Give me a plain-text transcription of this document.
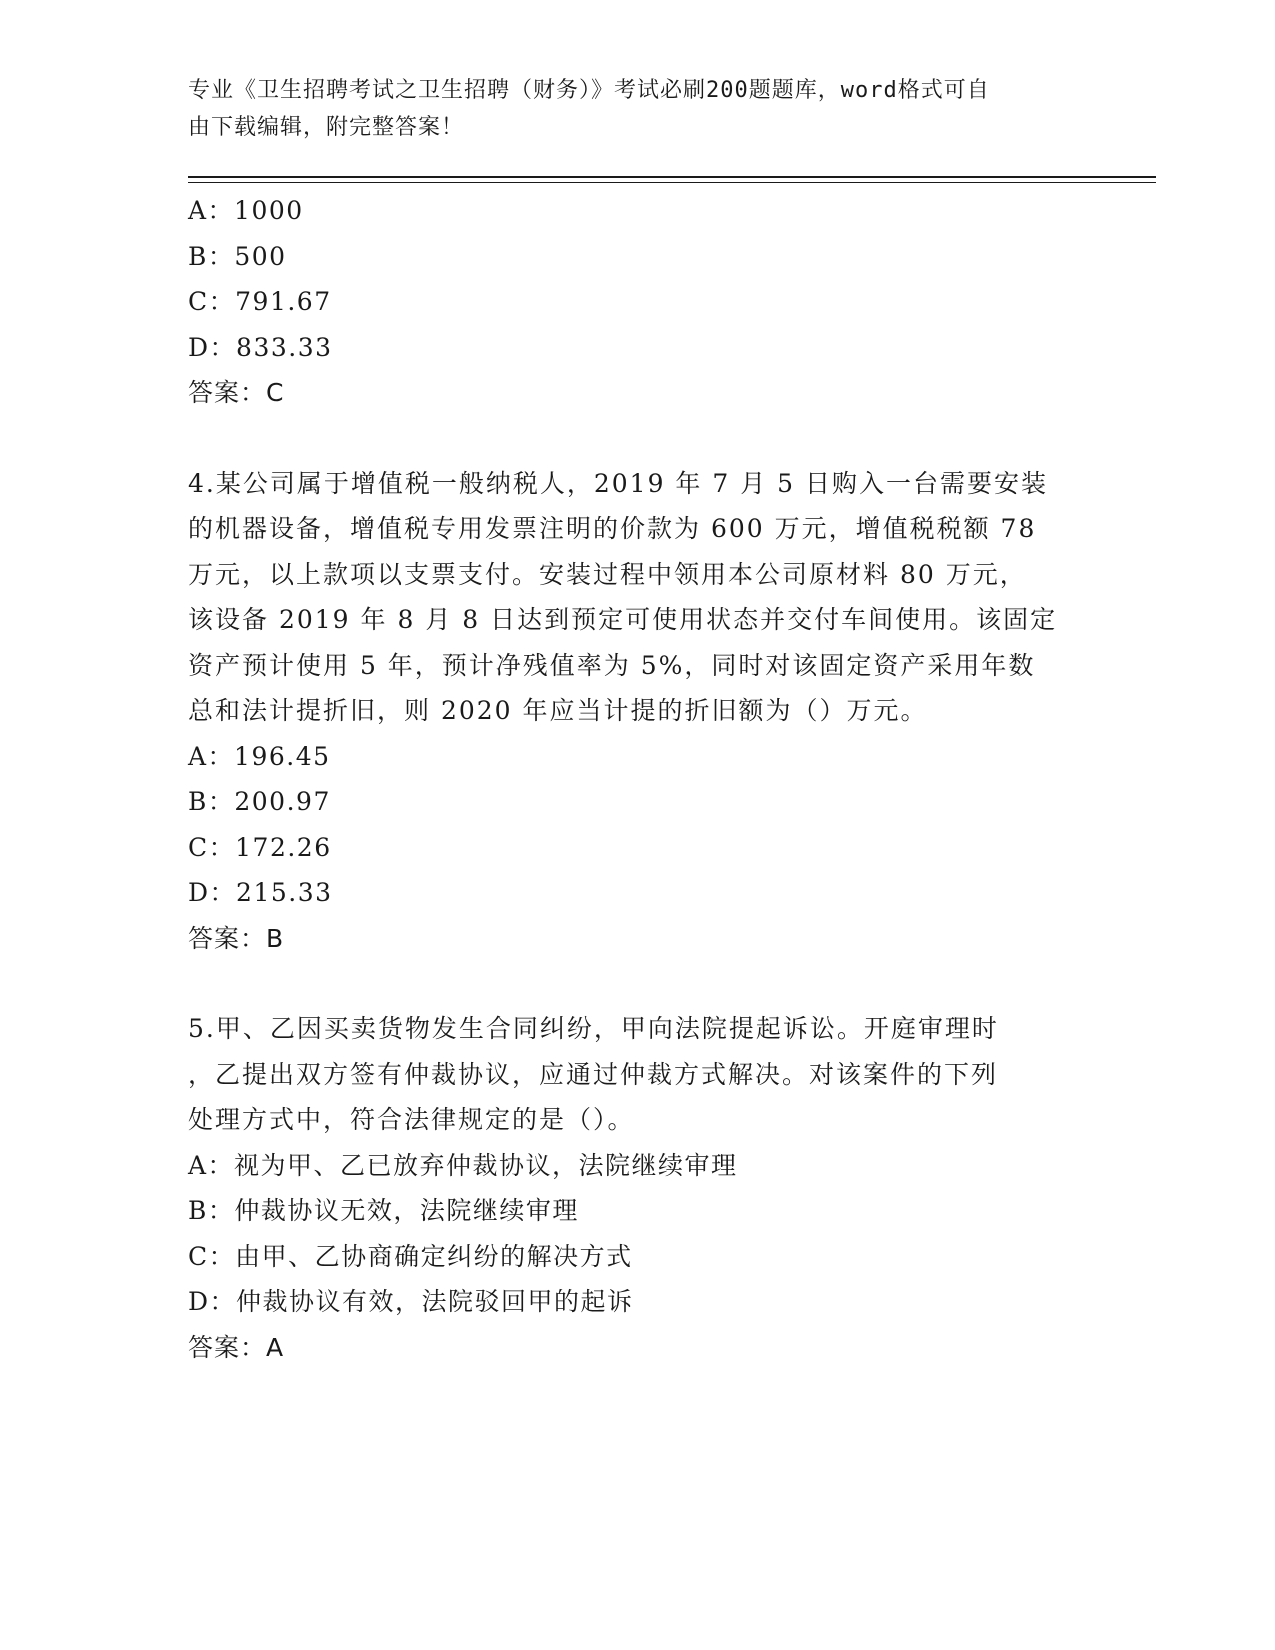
专业《卫生招聘考试之卫生招聘（财务）》考试必刷200题题库，word格式可自
由下载编辑，附完整答案！
A：1000
B：500
C：791.67
D：833.33
答案：C
4.某公司属于增值税一般纳税人，2019 年 7 月 5 日购入一台需要安装
的机器设备，增值税专用发票注明的价款为 600 万元，增值税税额 78
万元，以上款项以支票支付。安装过程中领用本公司原材料 80 万元，
该设备 2019 年 8 月 8 日达到预定可使用状态并交付车间使用。该固定
资产预计使用 5 年，预计净残值率为 5%，同时对该固定资产采用年数
总和法计提折旧，则 2020 年应当计提的折旧额为（）万元。
A：196.45
B：200.97
C：172.26
D：215.33
答案：B
5.甲、乙因买卖货物发生合同纠纷，甲向法院提起诉讼。开庭审理时
，乙提出双方签有仲裁协议，应通过仲裁方式解决。对该案件的下列
处理方式中，符合法律规定的是（）。
A：视为甲、乙已放弃仲裁协议，法院继续审理
B：仲裁协议无效，法院继续审理
C：由甲、乙协商确定纠纷的解决方式
D：仲裁协议有效，法院驳回甲的起诉
答案：A
